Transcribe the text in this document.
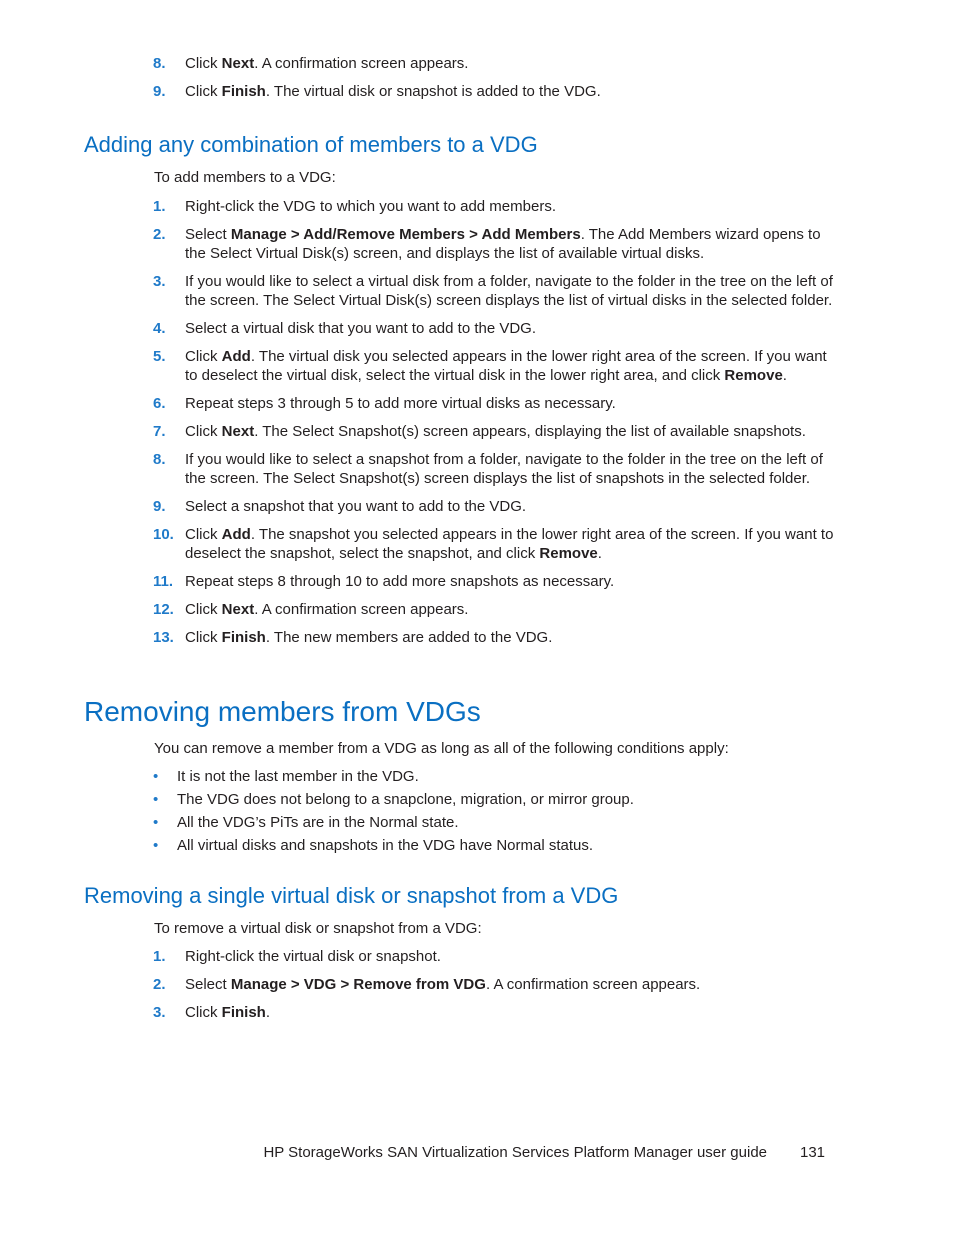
8. Click Next. A confirmation screen appears.
9. Click Finish. The virtual disk or snapshot is added to the VDG.
Adding any combination of members to a VDG

To add members to a VDG:

1. Right-click the VDG to which you want to add members.
2. Select Manage > Add/Remove Members > Add Members. The Add Members wizard opens to the Select Virtual Disk(s) screen, and displays the list of available virtual disks.
3. If you would like to select a virtual disk from a folder, navigate to the folder in the tree on the left of the screen. The Select Virtual Disk(s) screen displays the list of virtual disks in the selected folder.
4. Select a virtual disk that you want to add to the VDG.
5. Click Add. The virtual disk you selected appears in the lower right area of the screen. If you want to deselect the virtual disk, select the virtual disk in the lower right area, and click Remove.
6. Repeat steps 3 through 5 to add more virtual disks as necessary.
7. Click Next. The Select Snapshot(s) screen appears, displaying the list of available snapshots.
8. If you would like to select a snapshot from a folder, navigate to the folder in the tree on the left of the screen. The Select Snapshot(s) screen displays the list of snapshots in the selected folder.
9. Select a snapshot that you want to add to the VDG.
10. Click Add. The snapshot you selected appears in the lower right area of the screen. If you want to deselect the snapshot, select the snapshot, and click Remove.
11. Repeat steps 8 through 10 to add more snapshots as necessary.
12. Click Next. A confirmation screen appears.
13. Click Finish. The new members are added to the VDG.
Removing members from VDGs

You can remove a member from a VDG as long as all of the following conditions apply:

• It is not the last member in the VDG.
• The VDG does not belong to a snapclone, migration, or mirror group.
• All the VDG’s PiTs are in the Normal state.
• All virtual disks and snapshots in the VDG have Normal status.
Removing a single virtual disk or snapshot from a VDG

To remove a virtual disk or snapshot from a VDG:

1. Right-click the virtual disk or snapshot.
2. Select Manage > VDG > Remove from VDG. A confirmation screen appears.
3. Click Finish.
HP StorageWorks SAN Virtualization Services Platform Manager user guide 131
